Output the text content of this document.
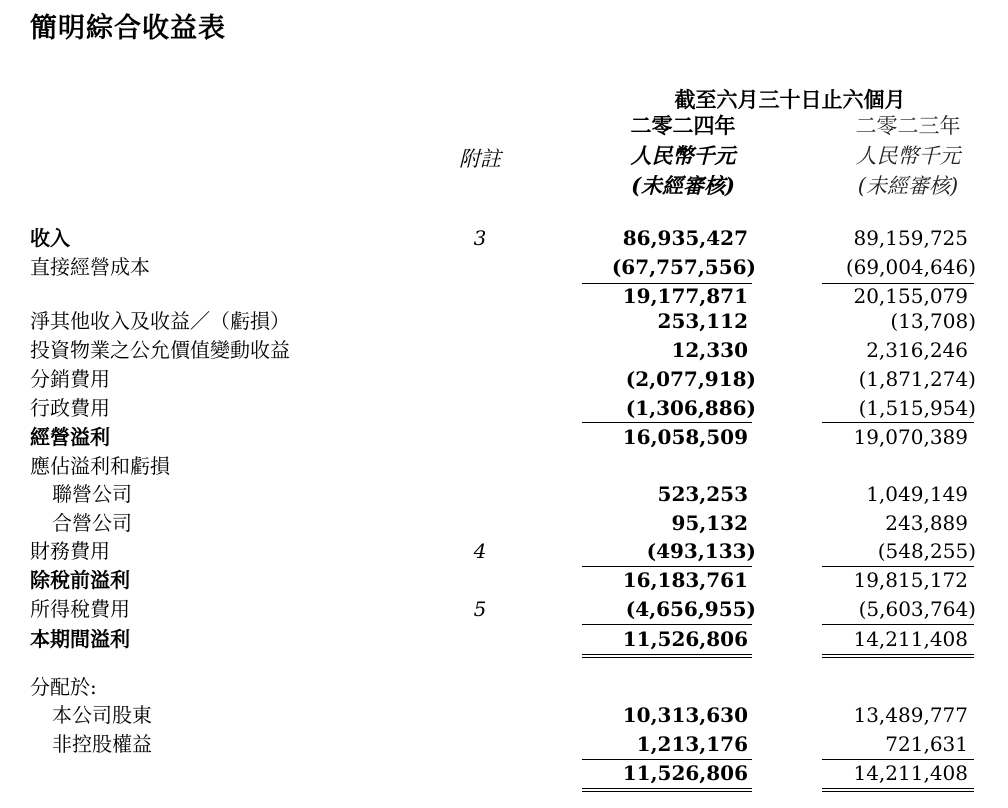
簡明綜合收益表
截至六月三十日止六個月
附註
二零二四年
人民幣千元
(未經審核)
二零二三年
人民幣千元
(未經審核)
收入	3	86,935,427	89,159,725
直接經營成本	(67,757,556)	(69,004,646)
19,177,871	20,155,079
淨其他收入及收益／（虧損）	253,112	(13,708)
投資物業之公允價值變動收益	12,330	2,316,246
分銷費用	(2,077,918)	(1,871,274)
行政費用	(1,306,886)	(1,515,954)
經營溢利	16,058,509	19,070,389
應佔溢利和虧損
聯營公司	523,253	1,049,149
合營公司	95,132	243,889
財務費用	4	(493,133)	(548,255)
除稅前溢利	16,183,761	19,815,172
所得稅費用	5	(4,656,955)	(5,603,764)
本期間溢利	11,526,806	14,211,408
分配於:
本公司股東	10,313,630	13,489,777
非控股權益	1,213,176	721,631
11,526,806	14,211,408
